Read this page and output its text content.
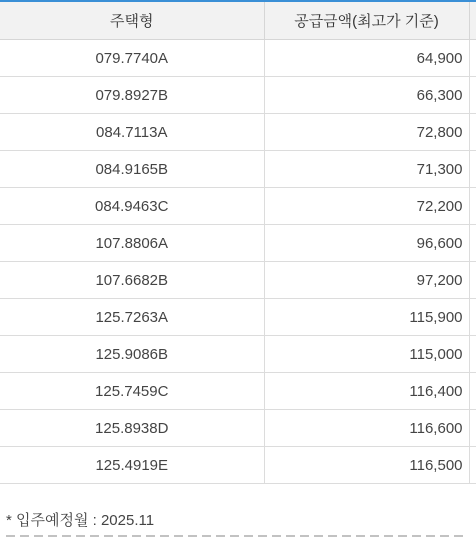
주택형	공급금액(최고가 기준)	
079.7740A	64,900	
079.8927B	66,300	
084.7113A	72,800	
084.9165B	71,300	
084.9463C	72,200	
107.8806A	96,600	
107.6682B	97,200	
125.7263A	115,900	
125.9086B	115,000	
125.7459C	116,400	
125.8938D	116,600	
125.4919E	116,500	
* 입주예정월 : 2025.11
